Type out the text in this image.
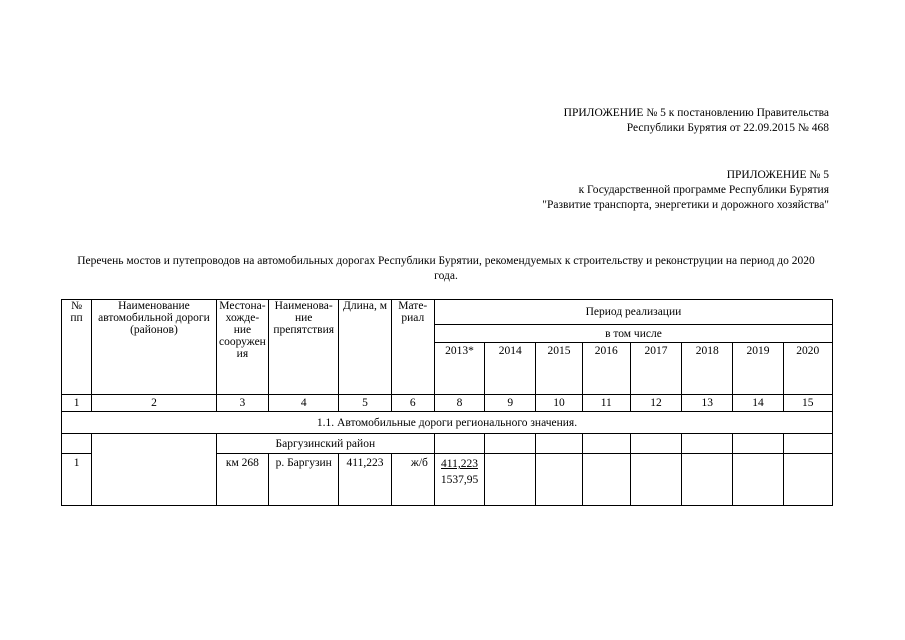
ПРИЛОЖЕНИЕ № 5 к постановлению Правительства
Республики Бурятия от 22.09.2015 № 468
ПРИЛОЖЕНИЕ № 5
к Государственной программе Республики Бурятия
"Развитие транспорта, энергетики и дорожного хозяйства"
Перечень мостов и путепроводов на автомобильных дорогах Республики Бурятии, рекомендуемых к строительству и реконструции на период до 2020
года.
№ пп	Наименование автомобильной дороги (районов)	Местона-хожде-ние сооружен ия	Наименова-ние препятствия	Длина, м	Мате-риал	Период реализации							
						в том числе							
						2013*	2014	2015	2016	2017	2018	2019	2020
1	2	3	4	5	6	8	9	10	11	12	13	14	15
1.1. Автомобильные дороги регионального значения.													
		Баргузинский район											
1		км 268	р. Баргузин	411,223	ж/б	411,223
1537,95							
